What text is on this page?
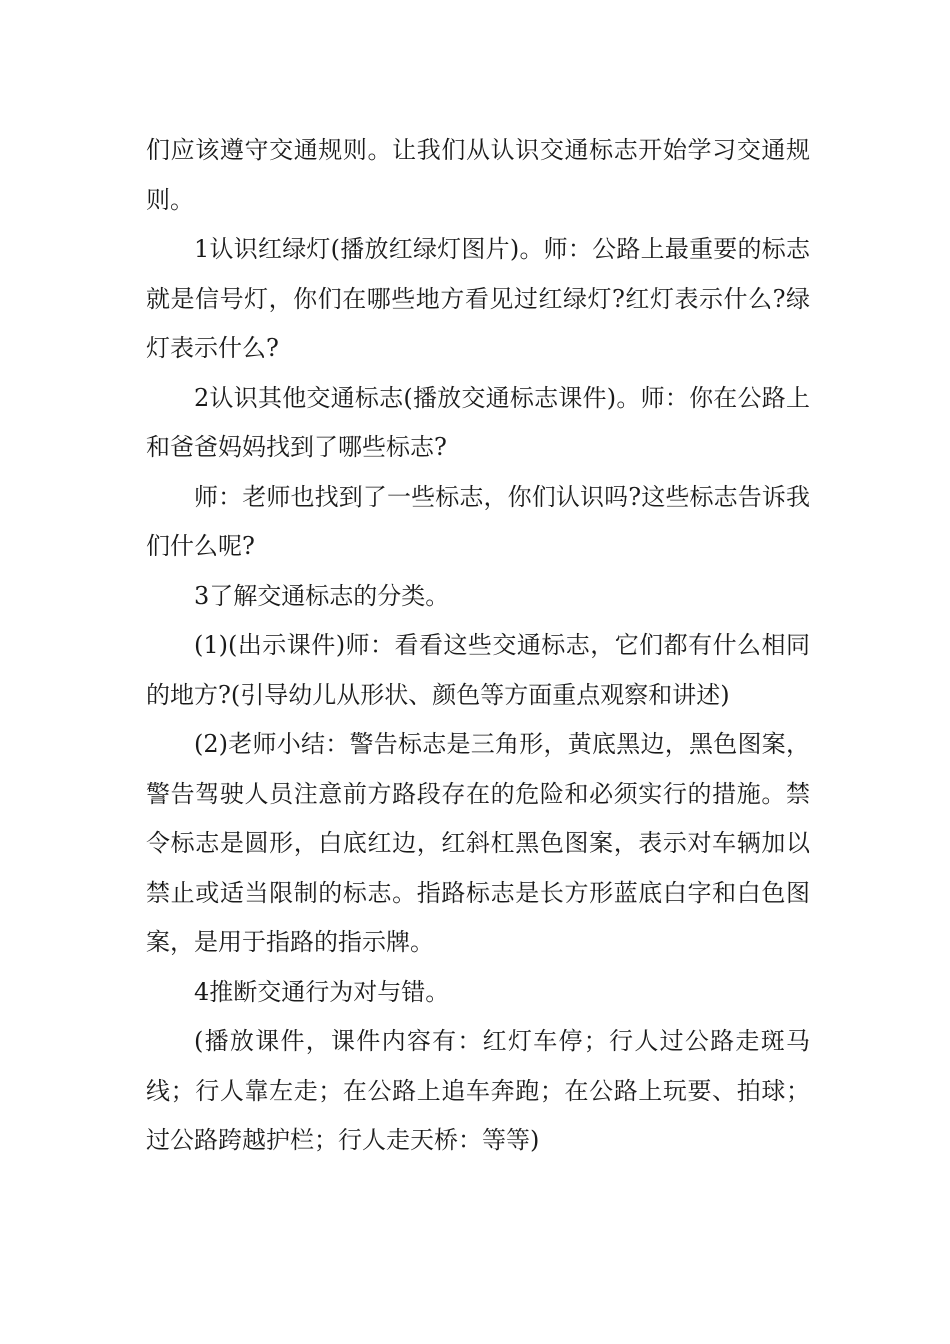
们应该遵守交通规则。让我们从认识交通标志开始学习交通规则。

1认识红绿灯(播放红绿灯图片)。师：公路上最重要的标志就是信号灯，你们在哪些地方看见过红绿灯?红灯表示什么?绿灯表示什么?

2认识其他交通标志(播放交通标志课件)。师：你在公路上和爸爸妈妈找到了哪些标志?

师：老师也找到了一些标志，你们认识吗?这些标志告诉我们什么呢?

3了解交通标志的分类。

(1)(出示课件)师：看看这些交通标志，它们都有什么相同的地方?(引导幼儿从形状、颜色等方面重点观察和讲述)

(2)老师小结：警告标志是三角形，黄底黑边，黑色图案，警告驾驶人员注意前方路段存在的危险和必须实行的措施。禁令标志是圆形，白底红边，红斜杠黑色图案，表示对车辆加以禁止或适当限制的标志。指路标志是长方形蓝底白字和白色图案，是用于指路的指示牌。

4推断交通行为对与错。

(播放课件，课件内容有：红灯车停；行人过公路走斑马线；行人靠左走；在公路上追车奔跑；在公路上玩要、拍球；过公路跨越护栏；行人走天桥：等等)
